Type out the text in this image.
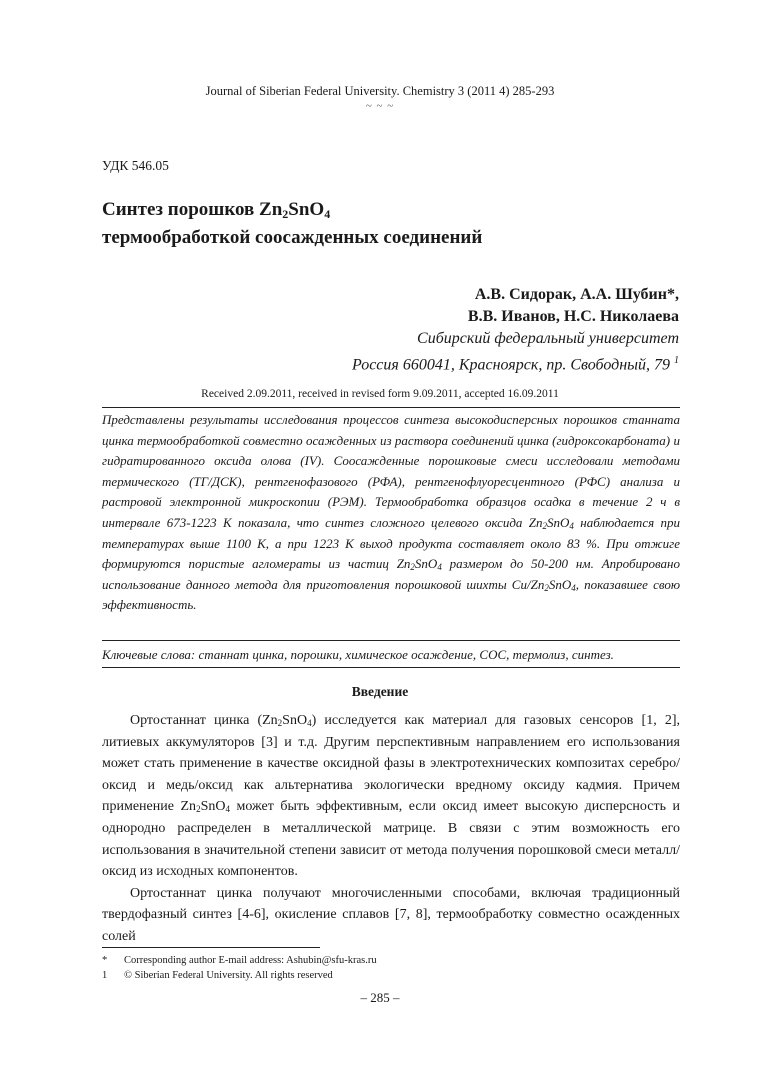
Journal of Siberian Federal University. Chemistry 3 (2011 4) 285-293
~ ~ ~
УДК 546.05
Синтез порошков $Zn_2SnO_4$
термообработкой соосажденных соединений
А.В. Сидорак, А.А. Шубин*,
В.В. Иванов, Н.С. Николаева
Сибирский федеральный университет
Россия 660041, Красноярск, пр. Свободный, 79 $^1$
Received 2.09.2011, received in revised form 9.09.2011, accepted 16.09.2011

Представлены результаты исследования процессов синтеза высокодисперсных порошков станната цинка термообработкой совместно осажденных из раствора соединений цинка (гидроксокарбоната) и гидратированного оксида олова (IV). Соосажденные порошковые смеси исследовали методами термического (ТГ/ДСК), рентгенофазового (РФА), рентгенофлуоресцентного (РФС) анализа и растровой электронной микроскопии (РЭМ). Термообработка образцов осадка в течение 2 ч в интервале 673-1223 К показала, что синтез сложного целевого оксида $Zn_2SnO_4$ наблюдается при температурах выше 1100 К, а при 1223 К выход продукта составляет около 83 %. При отжиге формируются пористые агломераты из частиц $Zn_2SnO_4$ размером до 50-200 нм. Апробировано использование данного метода для приготовления порошковой шихты $Cu/Zn_2SnO_4$, показавшее свою эффективность.

Ключевые слова: станнат цинка, порошки, химическое осаждение, СОС, термолиз, синтез.
Введение

Ортостаннат цинка $(Zn_2SnO_4)$ исследуется как материал для газовых сенсоров [1, 2], литиевых аккумуляторов [3] и т.д. Другим перспективным направлением его использования может стать применение в качестве оксидной фазы в электротехнических композитах серебро/оксид и медь/оксид как альтернатива экологически вредному оксиду кадмия. Причем применение $Zn_2SnO_4$ может быть эффективным, если оксид имеет высокую дисперсность и однородно распределен в металлической матрице. В связи с этим возможность его использования в значительной степени зависит от метода получения порошковой смеси металл/оксид из исходных компонентов.

Ортостаннат цинка получают многочисленными способами, включая традиционный твердофазный синтез [4-6], окисление сплавов [7, 8], термообработку совместно осажденных солей

* Corresponding author E-mail address: Ashubin@sfu-kras.ru
1 © Siberian Federal University. All rights reserved
– 285 –
